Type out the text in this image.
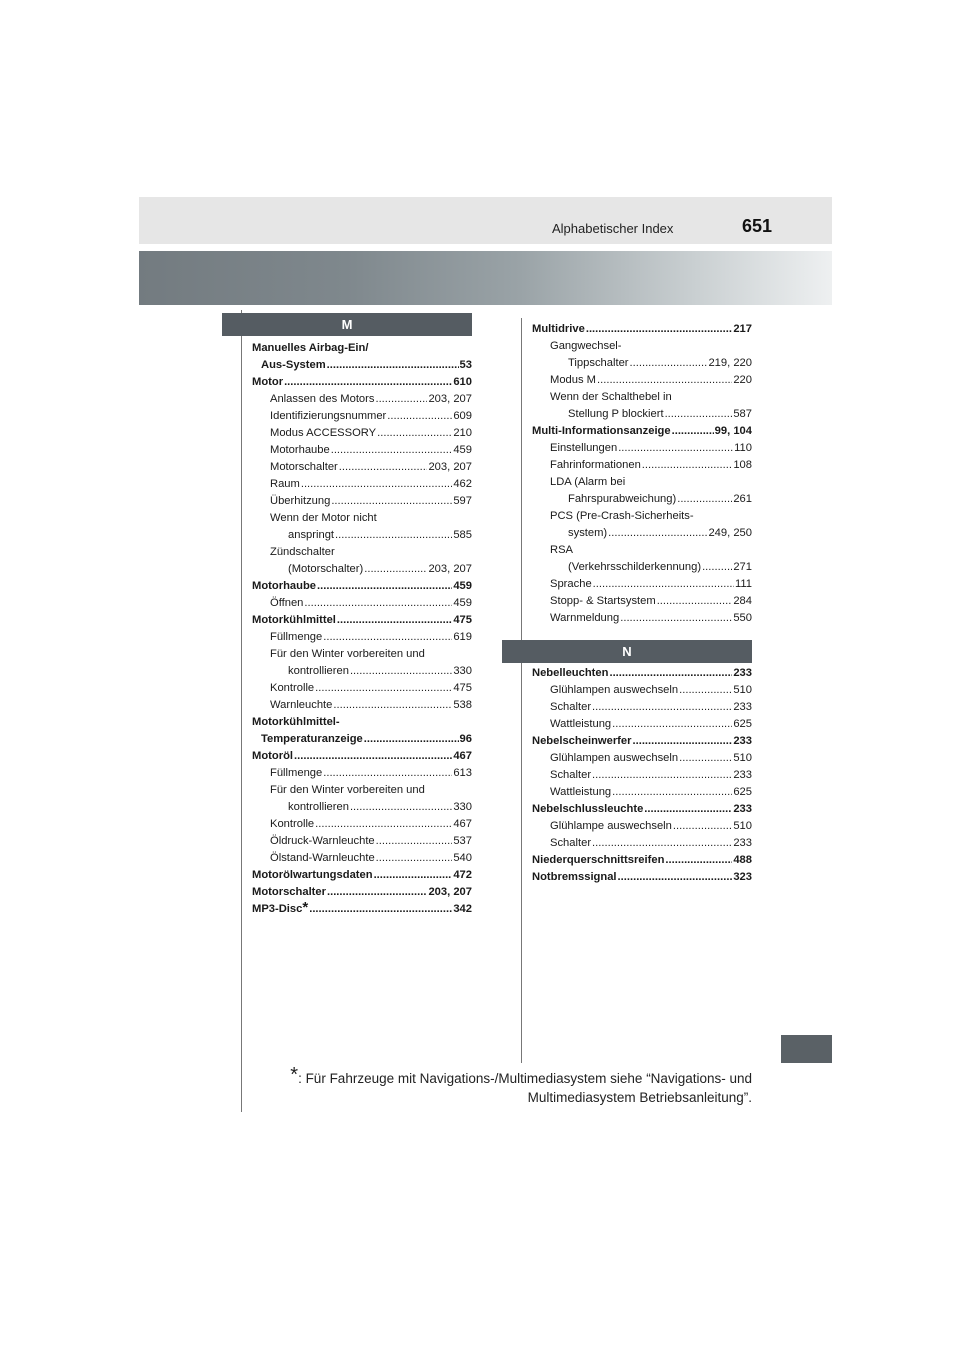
Alphabetischer Index	651
M
N
Manuelles Airbag-Ein/
Aus-System .....	53
Motor .....	610
Anlassen des Motors .....	203, 207
Identifizierungsnummer .....	609
Modus ACCESSORY .....	210
Motorhaube .....	459
Motorschalter .....	203, 207
Raum .....	462
Überhitzung .....	597
Wenn der Motor nicht
anspringt .....	585
Zündschalter
(Motorschalter) .....	203, 207
Motorhaube .....	459
Öffnen .....	459
Motorkühlmittel .....	475
Füllmenge .....	619
Für den Winter vorbereiten und
kontrollieren .....	330
Kontrolle .....	475
Warnleuchte .....	538
Motorkühlmittel-
Temperaturanzeige .....	96
Motoröl .....	467
Füllmenge .....	613
Für den Winter vorbereiten und
kontrollieren .....	330
Kontrolle .....	467
Öldruck-Warnleuchte .....	537
Ölstand-Warnleuchte .....	540
Motorölwartungsdaten .....	472
Motorschalter .....	203, 207
MP3-Disc * .....	342
Multidrive .....	217
Gangwechsel-
Tippschalter .....	219, 220
Modus M .....	220
Wenn der Schalthebel in
Stellung P blockiert .....	587
Multi-Informationsanzeige .....	99, 104
Einstellungen .....	110
Fahrinformationen .....	108
LDA (Alarm bei
Fahrspurabweichung) .....	261
PCS (Pre-Crash-Sicherheits-
system) .....	249, 250
RSA
(Verkehrsschilderkennung) .....	271
Sprache .....	111
Stopp- & Startsystem .....	284
Warnmeldung .....	550
Nebelleuchten .....	233
Glühlampen auswechseln .....	510
Schalter .....	233
Wattleistung .....	625
Nebelscheinwerfer .....	233
Glühlampen auswechseln .....	510
Schalter .....	233
Wattleistung .....	625
Nebelschlussleuchte .....	233
Glühlampe auswechseln .....	510
Schalter .....	233
Niederquerschnittsreifen .....	488
Notbremssignal .....	323
*: Für Fahrzeuge mit Navigations-/Multimediasystem siehe “Navigations- und
Multimediasystem Betriebsanleitung”.
